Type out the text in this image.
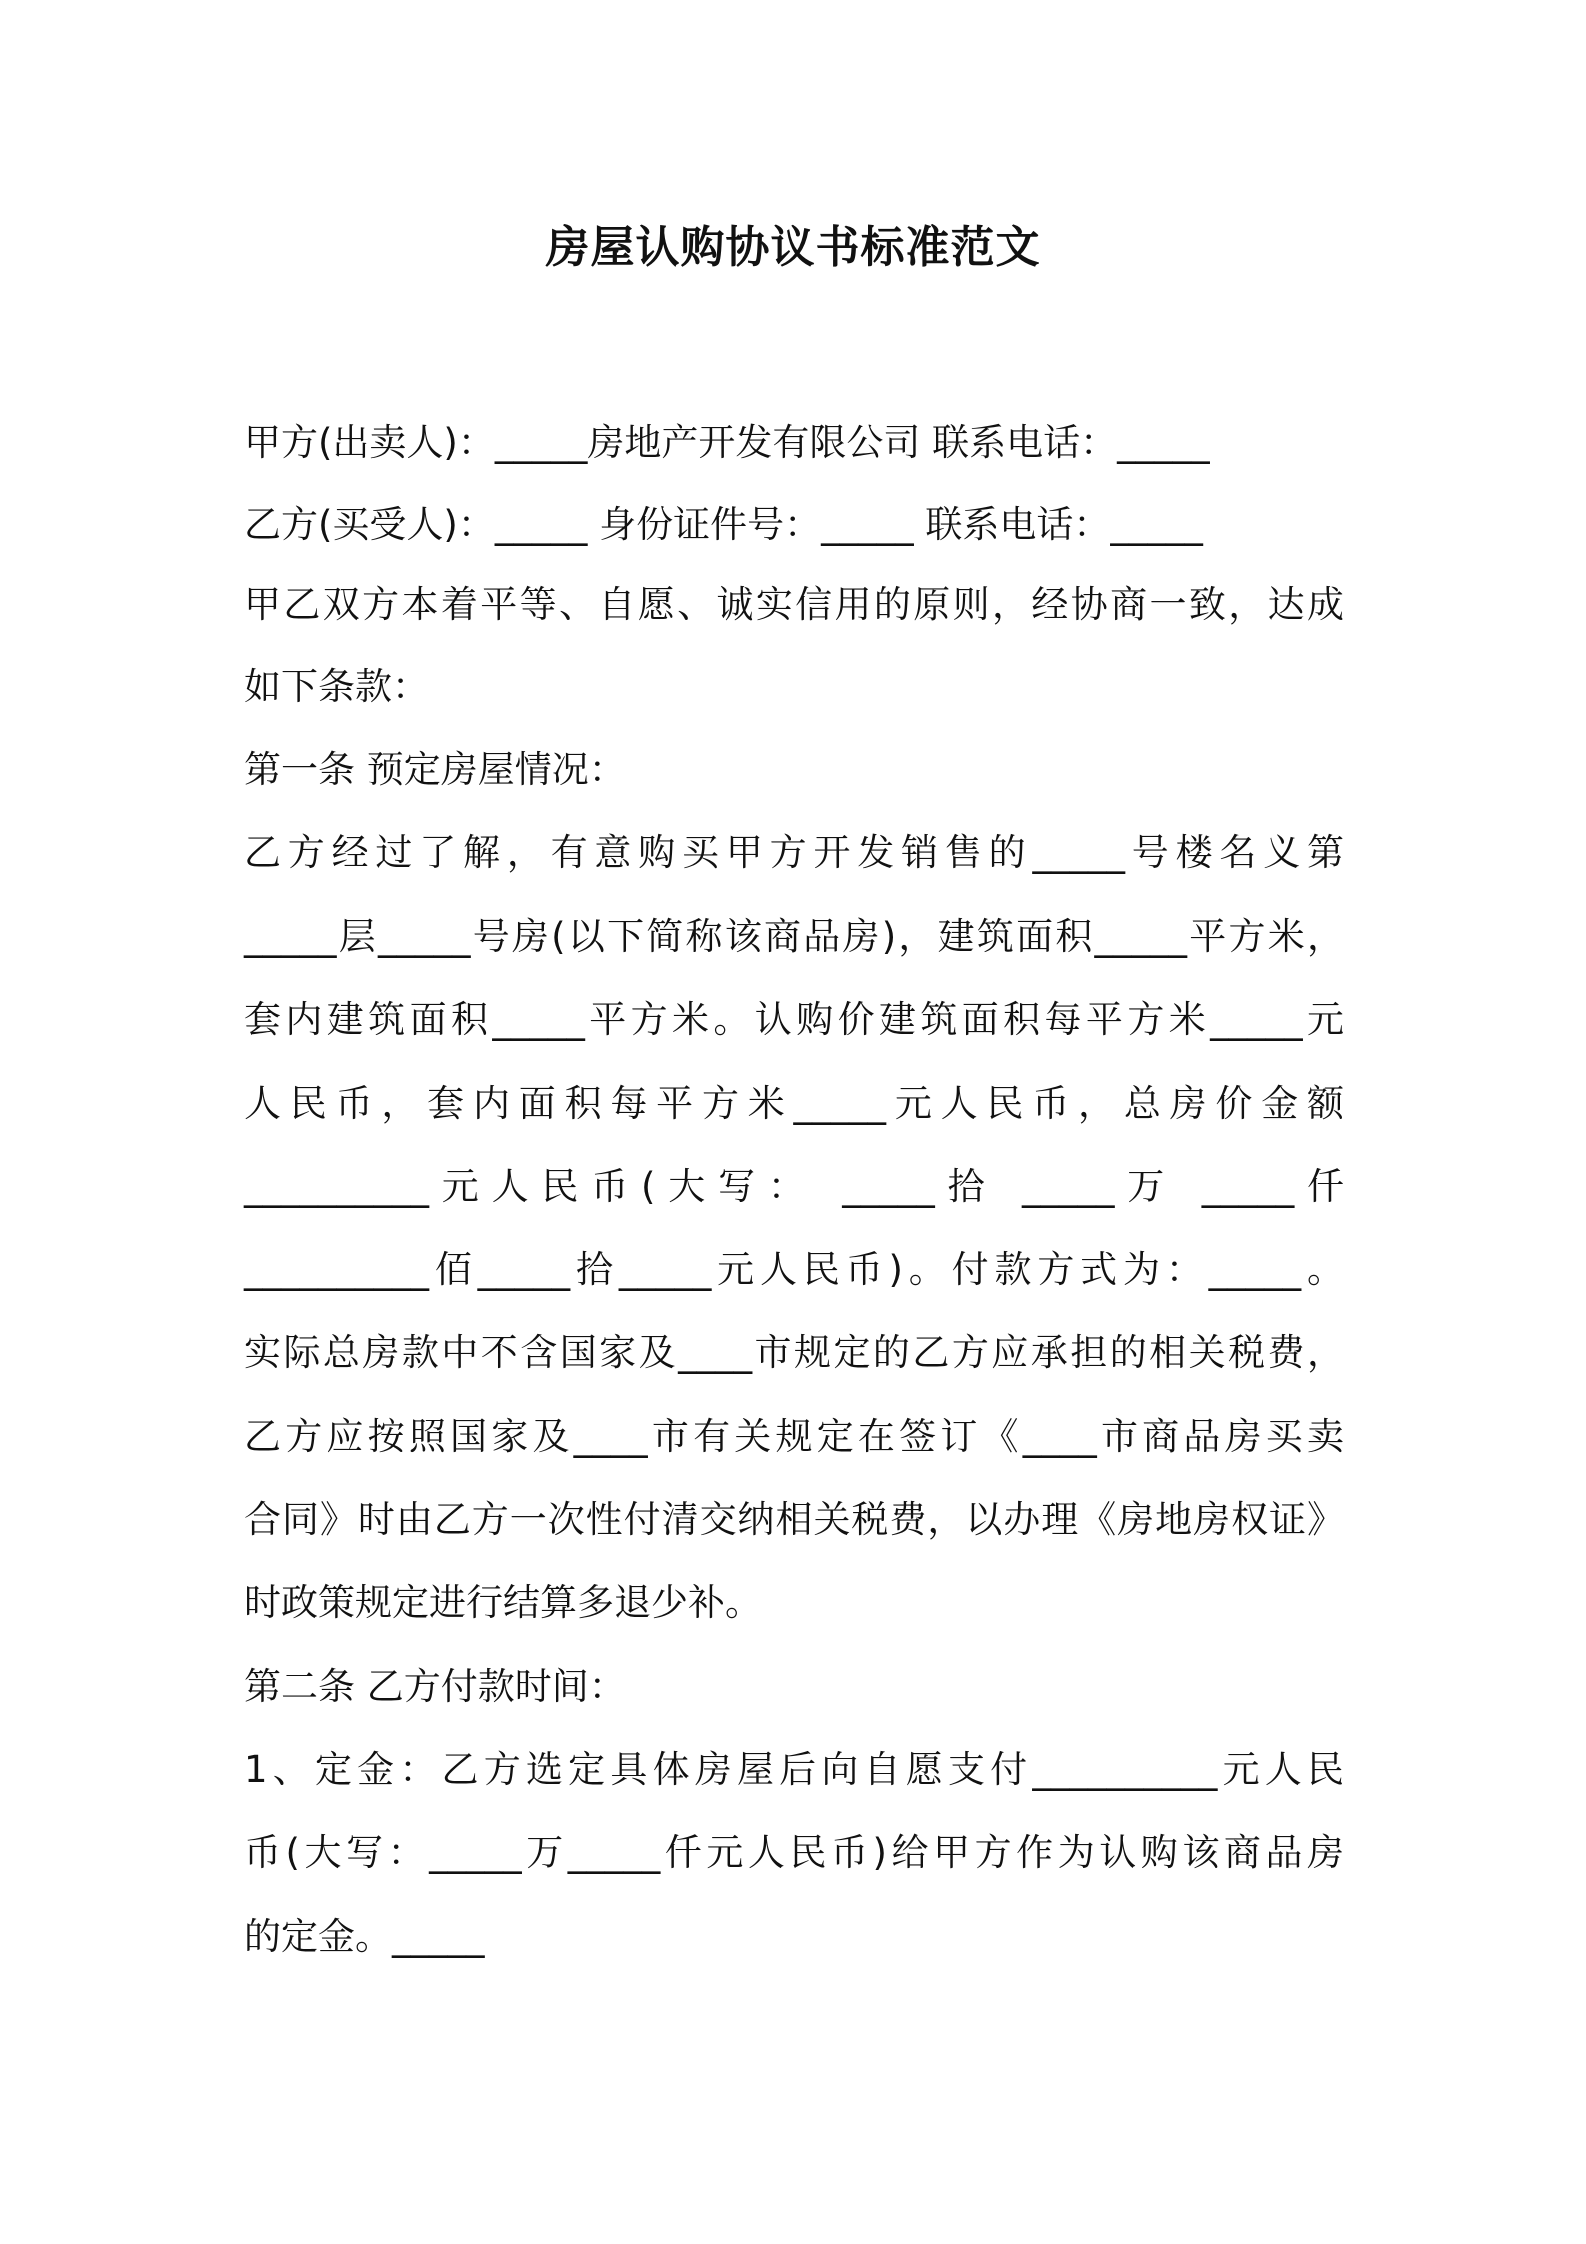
房屋认购协议书标准范文
甲方(出卖人)：_____房地产开发有限公司 联系电话：_____
乙方(买受人)：_____ 身份证件号：_____ 联系电话：_____
甲乙双方本着平等、自愿、诚实信用的原则，经协商一致，达成
如下条款：
第一条 预定房屋情况：
乙方经过了解，有意购买甲方开发销售的_____号楼名义第
_____层_____号房(以下简称该商品房)，建筑面积_____平方米，
套内建筑面积_____平方米。认购价建筑面积每平方米_____元
人民币，套内面积每平方米_____元人民币，总房价金额
__________元人民币(大写： _____拾 _____万 _____仟
__________佰_____拾_____元人民币)。付款方式为：_____。
实际总房款中不含国家及____市规定的乙方应承担的相关税费，
乙方应按照国家及____市有关规定在签订《____市商品房买卖
合同》时由乙方一次性付清交纳相关税费，以办理《房地房权证》
时政策规定进行结算多退少补。
第二条 乙方付款时间：
1、定金：乙方选定具体房屋后向自愿支付__________元人民
币(大写：_____万_____仟元人民币)给甲方作为认购该商品房
的定金。_____
